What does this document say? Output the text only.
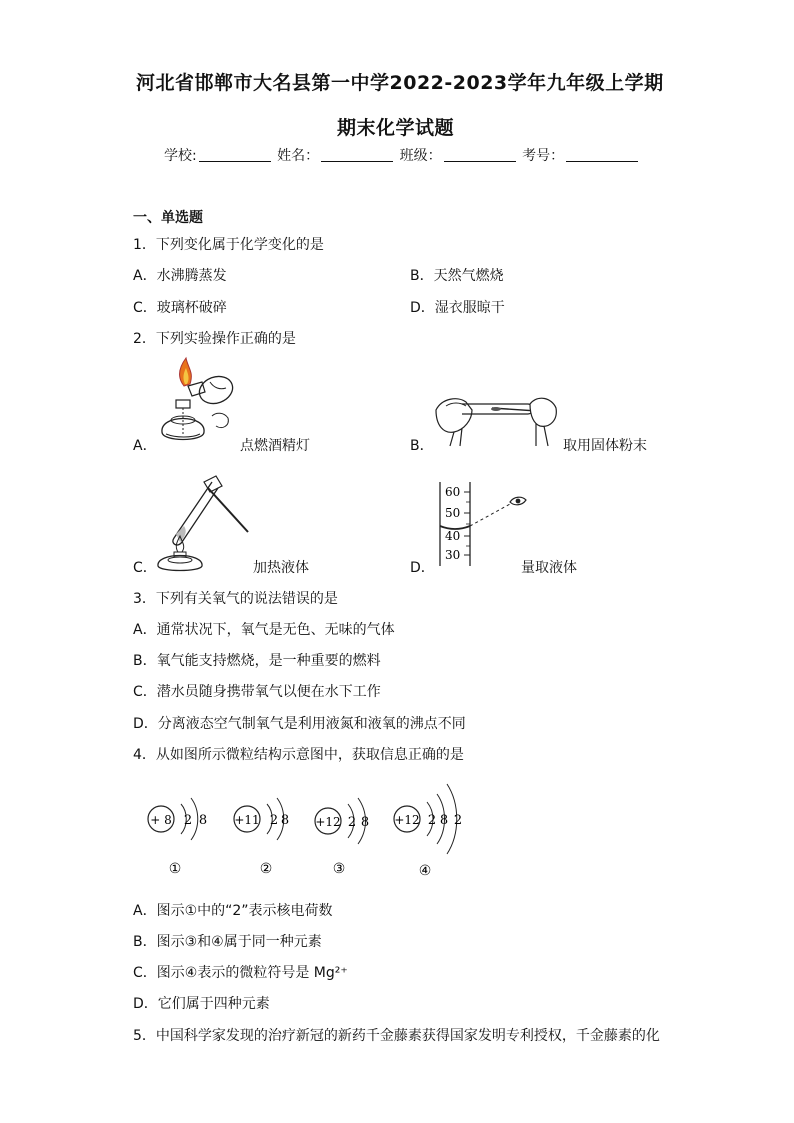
河北省邯郸市大名县第一中学2022-2023学年九年级上学期
期末化学试题
学校:	姓名：	班级：	考号：
一、单选题
1．下列变化属于化学变化的是
A．水沸腾蒸发	B．天然气燃烧
C．玻璃杯破碎	D．湿衣服晾干
2．下列实验操作正确的是
A．	点燃酒精灯	B．	取用固体粉末
C．	加热液体	D．
60
50
40
30
量取液体
3．下列有关氧气的说法错误的是
A．通常状况下，氧气是无色、无味的气体
B．氧气能支持燃烧，是一种重要的燃料
C．潜水员随身携带氧气以便在水下工作
D．分离液态空气制氧气是利用液氮和液氧的沸点不同
4．从如图所示微粒结构示意图中，获取信息正确的是
+ 8 2 8
①
+11 2 8
②
+12 2 8
③
+12 2 8 2
④
A．图示①中的“2”表示核电荷数
B．图示③和④属于同一种元素
C．图示④表示的微粒符号是 Mg²⁺
D．它们属于四种元素
5．中国科学家发现的治疗新冠的新药千金藤素获得国家发明专利授权，千金藤素的化
